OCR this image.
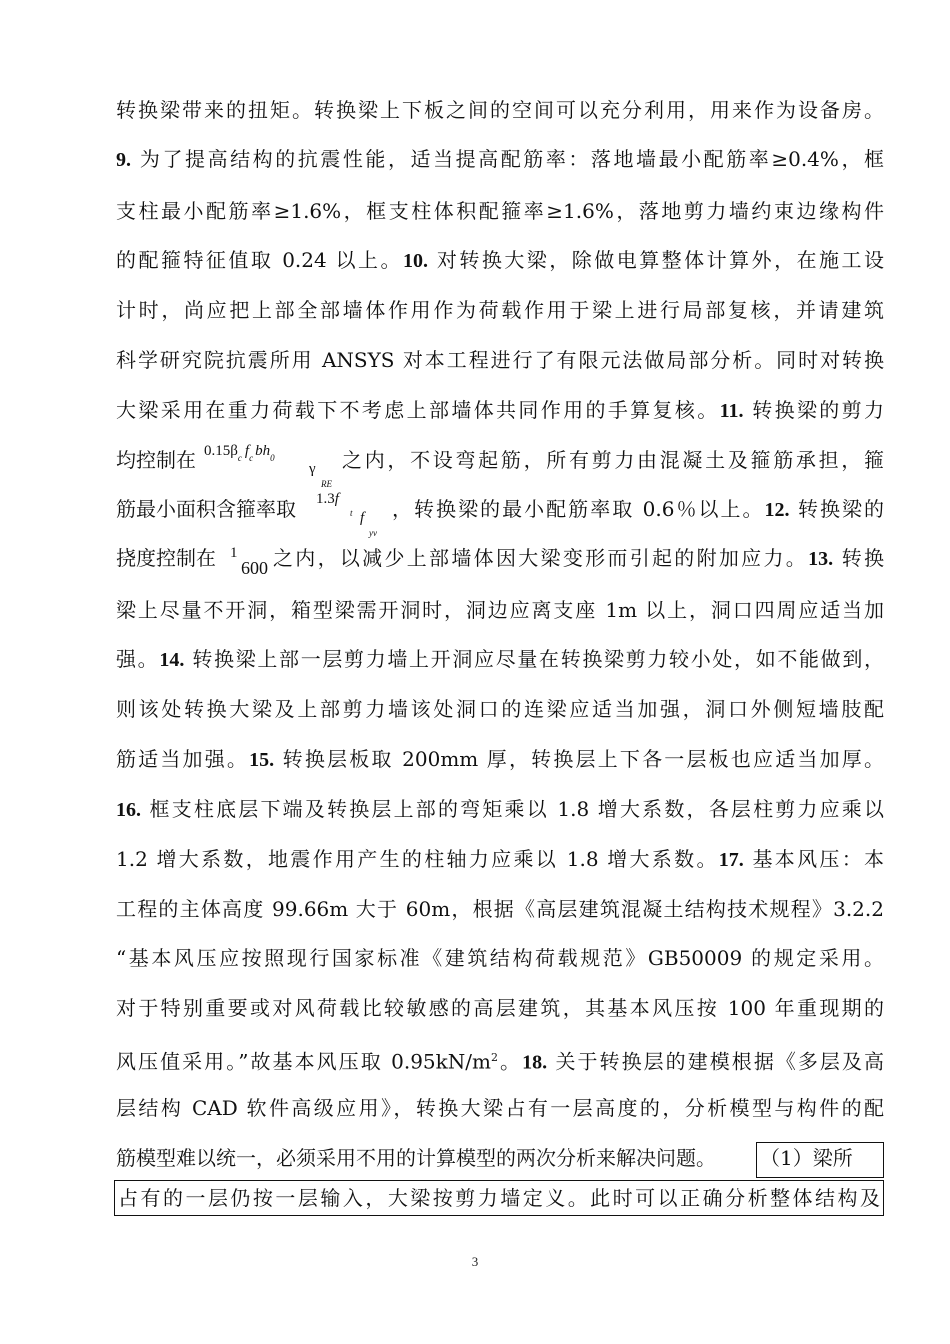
转换梁带来的扭矩。转换梁上下板之间的空间可以充分利用，用来作为设备房。
9. 为了提高结构的抗震性能，适当提高配筋率：落地墙最小配筋率≥0.4%，框
支柱最小配筋率≥1.6%，框支柱体积配箍率≥1.6%，落地剪力墙约束边缘构件
的配箍特征值取 0.24 以上。10. 对转换大梁，除做电算整体计算外，在施工设
计时，尚应把上部全部墙体作用作为荷载作用于梁上进行局部复核，并请建筑
科学研究院抗震所用 ANSYS 对本工程进行了有限元法做局部分析。同时对转换
大梁采用在重力荷载下不考虑上部墙体共同作用的手算复核。11. 转换梁的剪力
均控制在 $0.15\beta_c$ $f_c$ $bh_0$
γ
RE
之内，不设弯起筋，所有剪力由混凝土及箍筋承担，箍
筋最小面积含箍率取	1.3f
t f
yv
，转换梁的最小配筋率取 0.6％以上。12. 转换梁的
挠度控制在 1
600 之内，以减少上部墙体因大梁变形而引起的附加应力。13. 转换
梁上尽量不开洞，箱型梁需开洞时，洞边应离支座 1m 以上，洞口四周应适当加
强。14. 转换梁上部一层剪力墙上开洞应尽量在转换梁剪力较小处，如不能做到，
则该处转换大梁及上部剪力墙该处洞口的连梁应适当加强，洞口外侧短墙肢配
筋适当加强。15. 转换层板取 200mm 厚，转换层上下各一层板也应适当加厚。
16. 框支柱底层下端及转换层上部的弯矩乘以 1.8 增大系数，各层柱剪力应乘以
1.2 增大系数，地震作用产生的柱轴力应乘以 1.8 增大系数。17. 基本风压：本
工程的主体高度 99.66m 大于 60m，根据《高层建筑混凝土结构技术规程》3.2.2
“基本风压应按照现行国家标准《建筑结构荷载规范》GB50009 的规定采用。
对于特别重要或对风荷载比较敏感的高层建筑，其基本风压按 100 年重现期的
风压值采用。”故基本风压取 $0.95kN/m^2$。18. 关于转换层的建模根据《多层及高
层结构 CAD 软件高级应用》，转换大梁占有一层高度的，分析模型与构件的配
筋模型难以统一，必须采用不用的计算模型的两次分析来解决问题。	（1）梁所
占有的一层仍按一层输入，大梁按剪力墙定义。此时可以正确分析整体结构及
3
